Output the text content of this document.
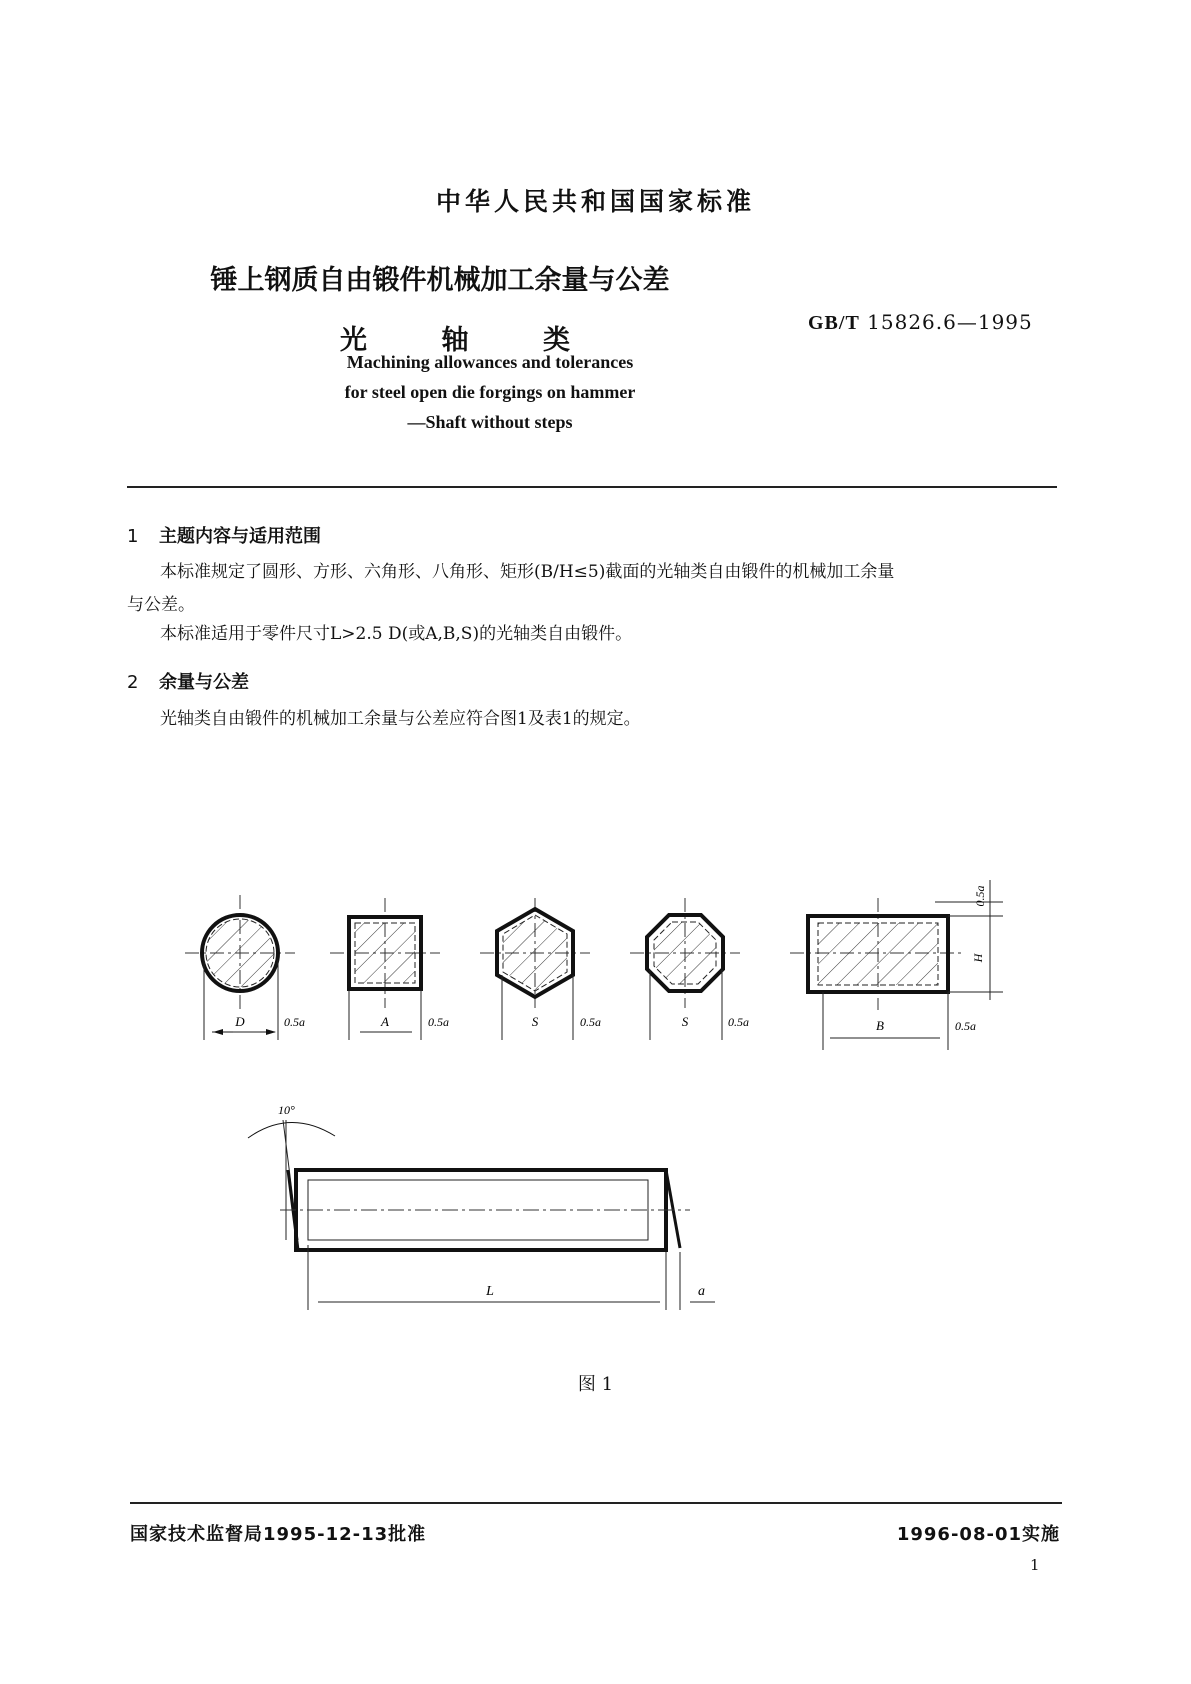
中华人民共和国国家标准
锤上钢质自由锻件机械加工余量与公差
光	轴	类
GB/T 15826.6—1995
Machining allowances and tolerances
for steel open die forgings on hammer
—Shaft without steps
1 主题内容与适用范围
本标准规定了圆形、方形、六角形、八角形、矩形(B/H≤5)截面的光轴类自由锻件的机械加工余量
与公差。
本标准适用于零件尺寸L>2.5 D(或A,B,S)的光轴类自由锻件。
2 余量与公差
光轴类自由锻件的机械加工余量与公差应符合图1及表1的规定。
D	0.5a	A	0.5a	S	0.5a	S	0.5a
H
0.5a
B	0.5a
10°
L	a
图 1
国家技术监督局1995-12-13批准	1996-08-01实施
1
